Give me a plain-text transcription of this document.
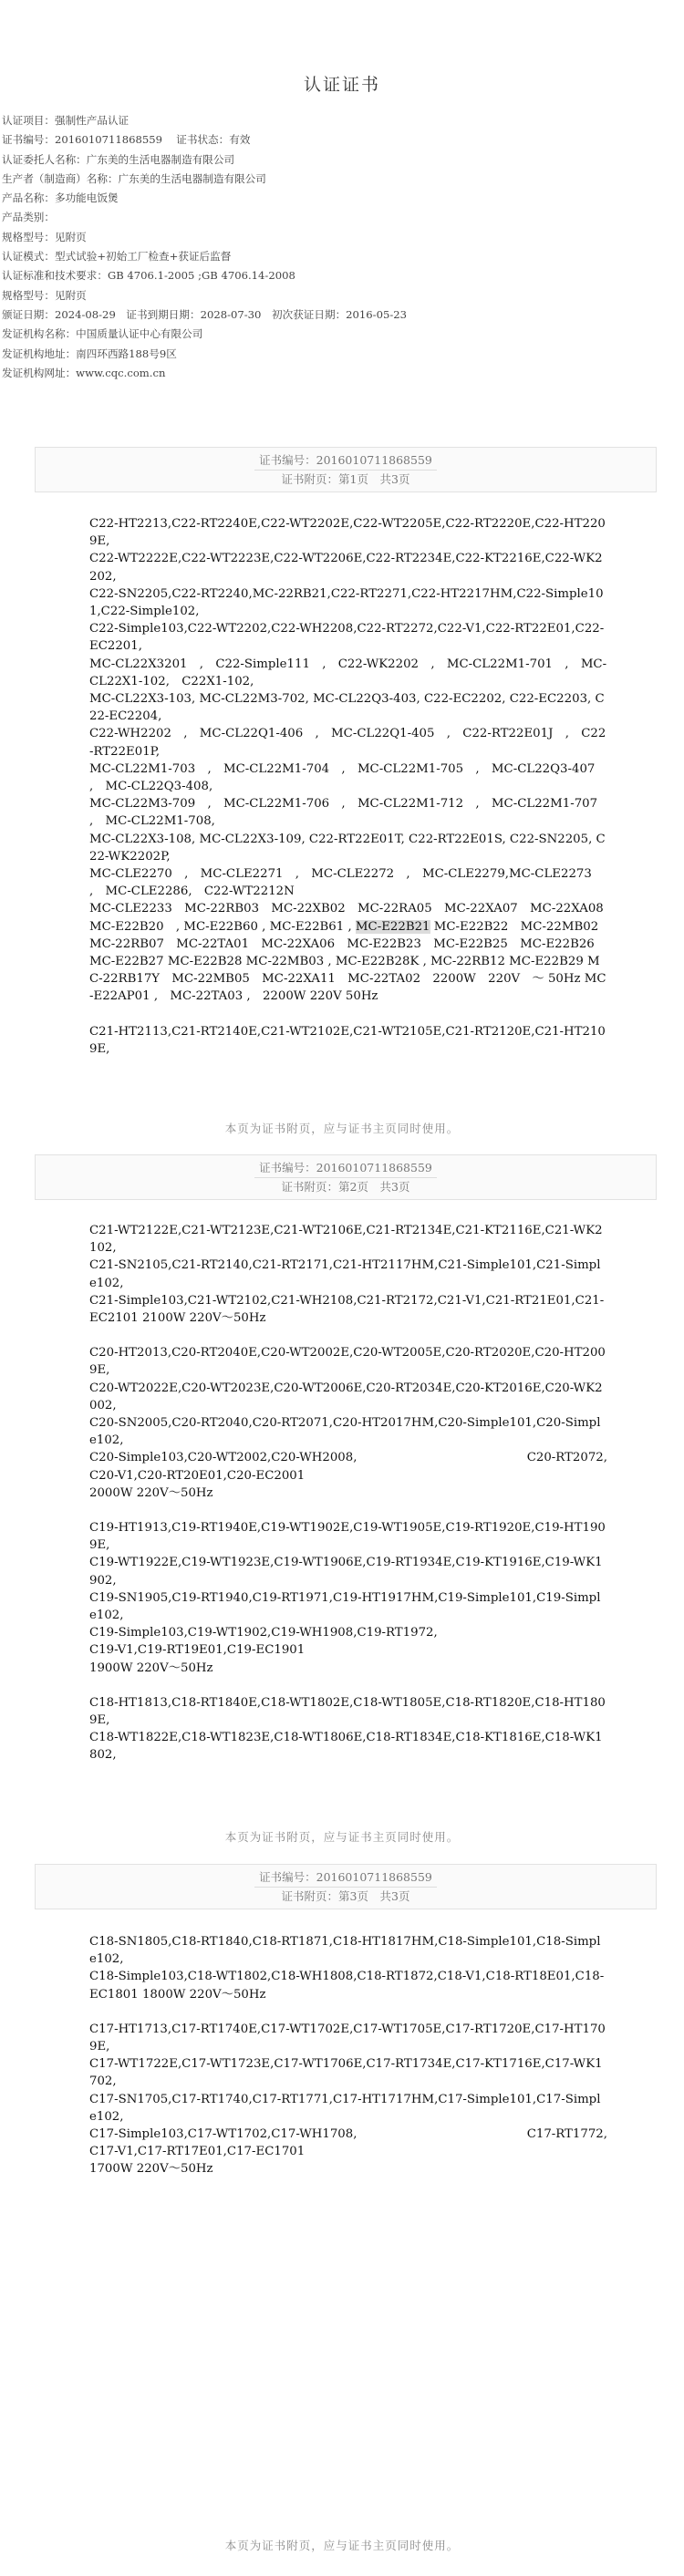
认证证书
认证项目：强制性产品认证
证书编号：2016010711868559　 证书状态：有效
认证委托人名称：广东美的生活电器制造有限公司
生产者（制造商）名称：广东美的生活电器制造有限公司
产品名称：多功能电饭煲
产品类别：
规格型号：见附页
认证模式：型式试验+初始工厂检查+获证后监督
认证标准和技术要求：GB 4706.1-2005 ;GB 4706.14-2008
规格型号：见附页
颁证日期：2024-08-29　证书到期日期：2028-07-30　初次获证日期：2016-05-23
发证机构名称：中国质量认证中心有限公司
发证机构地址：南四环西路188号9区
发证机构网址：www.cqc.com.cn
证书编号：2016010711868559
证书附页：第1页　共3页

C22-HT2213,C22-RT2240E,C22-WT2202E,C22-WT2205E,C22-RT2220E,C22-HT2209E,
C22-WT2222E,C22-WT2223E,C22-WT2206E,C22-RT2234E,C22-KT2216E,C22-WK2202,
C22-SN2205,C22-RT2240,MC-22RB21,C22-RT2271,C22-HT2217HM,C22-Simple101,C22-Simple102,
C22-Simple103,C22-WT2202,C22-WH2208,C22-RT2272,C22-V1,C22-RT22E01,C22-EC2201,
MC-CL22X3201　,　C22-Simple111　,　C22-WK2202　,　MC-CL22M1-701　,　MC-CL22X1-102,　C22X1-102,
MC-CL22X3-103, MC-CL22M3-702, MC-CL22Q3-403, C22-EC2202, C22-EC2203, C22-EC2204,
C22-WH2202　,　MC-CL22Q1-406　,　MC-CL22Q1-405　,　C22-RT22E01J　,　C22-RT22E01P,
MC-CL22M1-703　,　MC-CL22M1-704　,　MC-CL22M1-705　,　MC-CL22Q3-407　,　MC-CL22Q3-408,
MC-CL22M3-709　,　MC-CL22M1-706　,　MC-CL22M1-712　,　MC-CL22M1-707　,　MC-CL22M1-708,
MC-CL22X3-108, MC-CL22X3-109, C22-RT22E01T, C22-RT22E01S, C22-SN2205, C22-WK2202P,
MC-CLE2270　,　MC-CLE2271　,　MC-CLE2272　,　MC-CLE2279,MC-CLE2273　,　MC-CLE2286,　C22-WT2212N
MC-CLE2233　MC-22RB03　MC-22XB02　MC-22RA05　MC-22XA07　MC-22XA08 MC-E22B20　, MC-E22B60 , MC-E22B61 , MC-E22B21 MC-E22B22　MC-22MB02 MC-22RB07　MC-22TA01　MC-22XA06　MC-E22B23　MC-E22B25　MC-E22B26 MC-E22B27 MC-E22B28 MC-22MB03 , MC-E22B28K , MC-22RB12 MC-E22B29 MC-22RB17Y　MC-22MB05　MC-22XA11　MC-22TA02　2200W　220V　～ 50Hz MC-E22AP01 ,　MC-22TA03 ,　2200W 220V 50Hz

C21-HT2113,C21-RT2140E,C21-WT2102E,C21-WT2105E,C21-RT2120E,C21-HT2109E,

本页为证书附页，应与证书主页同时使用。
证书编号：2016010711868559
证书附页：第2页　共3页

C21-WT2122E,C21-WT2123E,C21-WT2106E,C21-RT2134E,C21-KT2116E,C21-WK2102,
C21-SN2105,C21-RT2140,C21-RT2171,C21-HT2117HM,C21-Simple101,C21-Simple102,
C21-Simple103,C21-WT2102,C21-WH2108,C21-RT2172,C21-V1,C21-RT21E01,C21-EC2101 2100W 220V～50Hz

C20-HT2013,C20-RT2040E,C20-WT2002E,C20-WT2005E,C20-RT2020E,C20-HT2009E,
C20-WT2022E,C20-WT2023E,C20-WT2006E,C20-RT2034E,C20-KT2016E,C20-WK2002,
C20-SN2005,C20-RT2040,C20-RT2071,C20-HT2017HM,C20-Simple101,C20-Simple102,

C20-Simple103,C20-WT2002,C20-WH2008,	C20-RT2072,
C20-V1,C20-RT20E01,C20-EC2001
2000W 220V～50Hz

C19-HT1913,C19-RT1940E,C19-WT1902E,C19-WT1905E,C19-RT1920E,C19-HT1909E,
C19-WT1922E,C19-WT1923E,C19-WT1906E,C19-RT1934E,C19-KT1916E,C19-WK1902,
C19-SN1905,C19-RT1940,C19-RT1971,C19-HT1917HM,C19-Simple101,C19-Simple102,
C19-Simple103,C19-WT1902,C19-WH1908,C19-RT1972,
C19-V1,C19-RT19E01,C19-EC1901
1900W 220V～50Hz

C18-HT1813,C18-RT1840E,C18-WT1802E,C18-WT1805E,C18-RT1820E,C18-HT1809E,
C18-WT1822E,C18-WT1823E,C18-WT1806E,C18-RT1834E,C18-KT1816E,C18-WK1802,

本页为证书附页，应与证书主页同时使用。
证书编号：2016010711868559
证书附页：第3页　共3页

C18-SN1805,C18-RT1840,C18-RT1871,C18-HT1817HM,C18-Simple101,C18-Simple102,
C18-Simple103,C18-WT1802,C18-WH1808,C18-RT1872,C18-V1,C18-RT18E01,C18-EC1801 1800W 220V～50Hz

C17-HT1713,C17-RT1740E,C17-WT1702E,C17-WT1705E,C17-RT1720E,C17-HT1709E,
C17-WT1722E,C17-WT1723E,C17-WT1706E,C17-RT1734E,C17-KT1716E,C17-WK1702,
C17-SN1705,C17-RT1740,C17-RT1771,C17-HT1717HM,C17-Simple101,C17-Simple102,

C17-Simple103,C17-WT1702,C17-WH1708,	C17-RT1772,
C17-V1,C17-RT17E01,C17-EC1701
1700W 220V～50Hz

本页为证书附页，应与证书主页同时使用。
